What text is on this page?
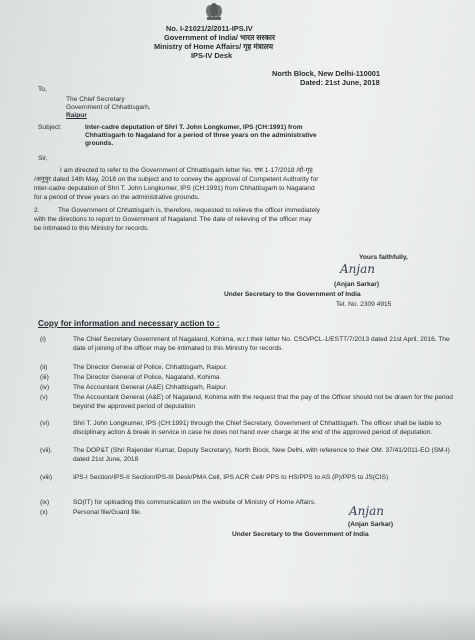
No. I-21021/2/2011-IPS.IV
Government of India/ भारत सरकार
Ministry of Home Affairs/ गृह मंत्रालय
IPS-IV Desk
North Block, New Delhi-110001
Dated: 21st June, 2018
To,
The Chief Secretary
Government of Chhattisgarh,
Raipur
Subject:	Inter-cadre deputation of Shri T. John Longkumer, IPS (CH:1991) from
Chhattisgarh to Nagaland for a period of three years on the administrative
grounds.
Sir,
I am directed to refer to the Government of Chhattisgarh letter No. एफ 1-17/2018 /दो-गृह
/अनुपुर dated 14th May, 2018 on the subject and to convey the approval of Competent Authority for
inter-cadre deputation of Shri T. John Longkumer, IPS (CH:1991) from Chhattisgarh to Nagaland
for a period of three years on the administrative grounds.
2.	The Government of Chhattisgarh is, therefore, requested to relieve the officer immediately
with the directions to report to Government of Nagaland. The date of relieving of the officer may
be intimated to this Ministry for records.
Yours faithfully,
Anjan
(Anjan Sarkar)
Under Secretary to the Government of India
Tel. No. 2309 4915
Copy for information and necessary action to :
(i)	The Chief Secretary Government of Nagaland, Kohima, w.r.t their letter No. CSO/PCL-1/ESTT/7/2013 dated 21st April, 2016. The date of joining of the officer may be intimated to this Ministry for records.
(ii)	The Director General of Police, Chhattisgarh, Raipur.
(iii)	The Director General of Police, Nagaland, Kohima
(iv)	The Accountant General (A&E) Chhattisgarh, Raipur.
(v)	The Accountant General (A&E) of Nagaland, Kohima with the request that the pay of the Officer should not be drawn for the period beyond the approved period of deputation
(vi)	Shri T. John Longkumer, IPS (CH:1991) through the Chief Secretary, Government of Chhattisgarh. The officer shall be liable to disciplinary action & break in service in case he does not hand over charge at the end of the approved period of deputation.
(vii).	The DOP&T (Shri Rajender Kumar, Deputy Secretary), North Block, New Delhi, with reference to their OM. 37/41/2011-EO (SM-I) dated 21st June, 2018
(viii)	IPS-I Section/IPS-II Section/IPS-III Desk/PMA Cell, IPS ACR Cell/ PPS to HS/PPS to AS (P)/PPS to JS(CIS)
(ix)	SO(IT) for uploading this communication on the website of Ministry of Home Affairs.
(x)	Personal file/Guard file.	Anjan
(Anjan Sarkar)
Under Secretary to the Government of India
